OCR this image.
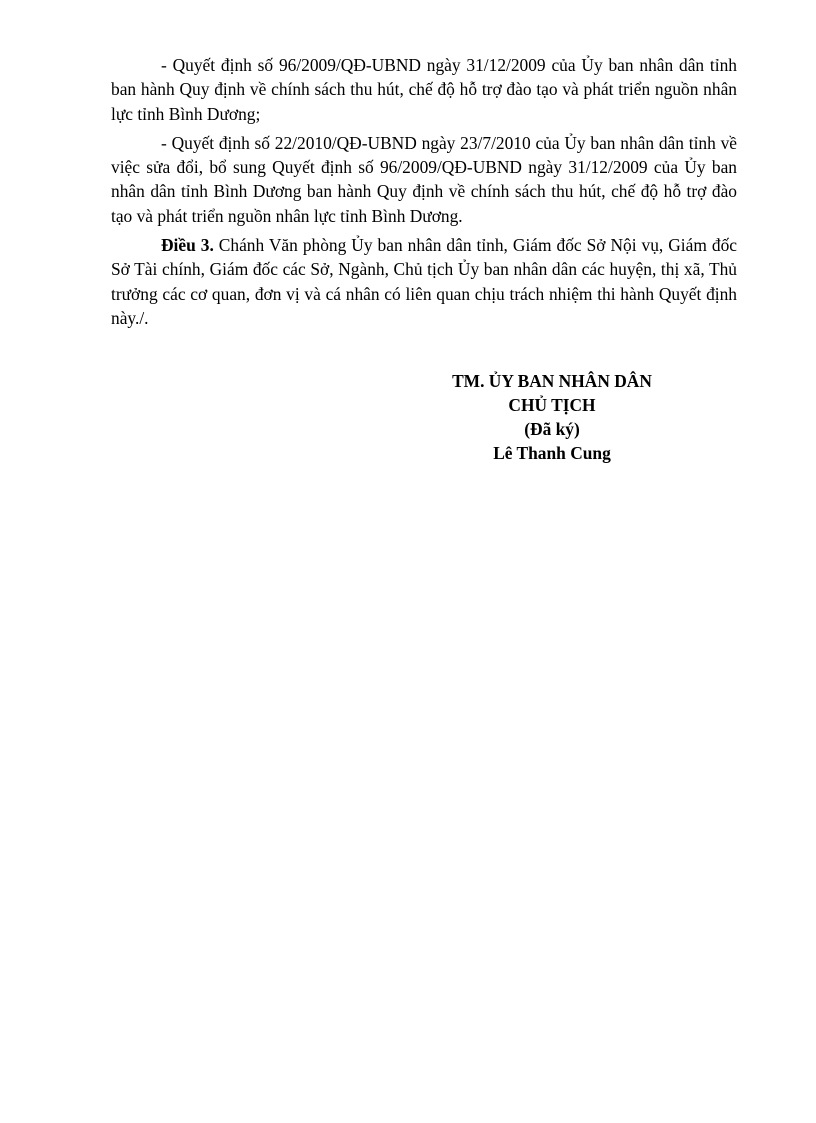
- Quyết định số 96/2009/QĐ-UBND ngày 31/12/2009 của Ủy ban nhân dân tỉnh ban hành Quy định về chính sách thu hút, chế độ hỗ trợ đào tạo và phát triển nguồn nhân lực tỉnh Bình Dương;

- Quyết định số 22/2010/QĐ-UBND ngày 23/7/2010 của Ủy ban nhân dân tỉnh về việc sửa đổi, bổ sung Quyết định số 96/2009/QĐ-UBND ngày 31/12/2009 của Ủy ban nhân dân tỉnh Bình Dương ban hành Quy định về chính sách thu hút, chế độ hỗ trợ đào tạo và phát triển nguồn nhân lực tỉnh Bình Dương.

Điều 3. Chánh Văn phòng Ủy ban nhân dân tỉnh, Giám đốc Sở Nội vụ, Giám đốc Sở Tài chính, Giám đốc các Sở, Ngành, Chủ tịch Ủy ban nhân dân các huyện, thị xã, Thủ trưởng các cơ quan, đơn vị và cá nhân có liên quan chịu trách nhiệm thi hành Quyết định này./.

TM. ỦY BAN NHÂN DÂN
CHỦ TỊCH
(Đã ký)
Lê Thanh Cung
